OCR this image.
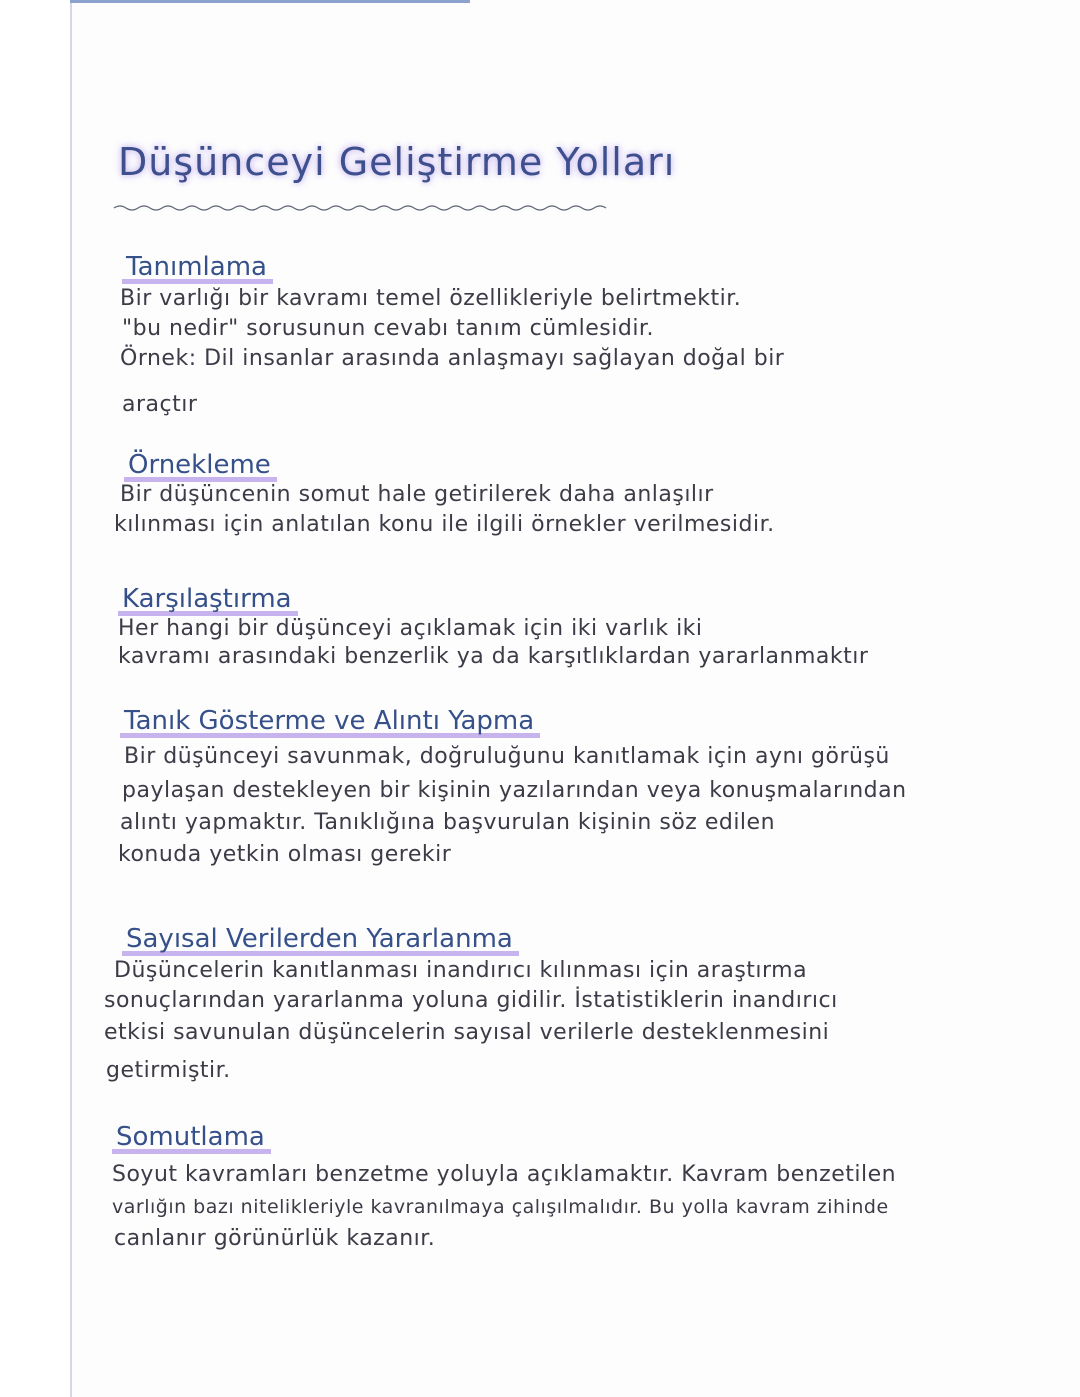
Düşünceyi Geliştirme Yolları
Tanımlama
Bir varlığı bir kavramı temel özellikleriyle belirtmektir.
"bu nedir" sorusunun cevabı tanım cümlesidir.
Örnek: Dil insanlar arasında anlaşmayı sağlayan doğal bir
araçtır
Örnekleme
Bir düşüncenin somut hale getirilerek daha anlaşılır
kılınması için anlatılan konu ile ilgili örnekler verilmesidir.
Karşılaştırma
Her hangi bir düşünceyi açıklamak için iki varlık iki
kavramı arasındaki benzerlik ya da karşıtlıklardan yararlanmaktır
Tanık Gösterme ve Alıntı Yapma
Bir düşünceyi savunmak, doğruluğunu kanıtlamak için aynı görüşü
paylaşan destekleyen bir kişinin yazılarından veya konuşmalarından
alıntı yapmaktır. Tanıklığına başvurulan kişinin söz edilen
konuda yetkin olması gerekir
Sayısal Verilerden Yararlanma
Düşüncelerin kanıtlanması inandırıcı kılınması için araştırma
sonuçlarından yararlanma yoluna gidilir. İstatistiklerin inandırıcı
etkisi savunulan düşüncelerin sayısal verilerle desteklenmesini
getirmiştir.
Somutlama
Soyut kavramları benzetme yoluyla açıklamaktır. Kavram benzetilen
varlığın bazı nitelikleriyle kavranılmaya çalışılmalıdır. Bu yolla kavram zihinde
canlanır görünürlük kazanır.
